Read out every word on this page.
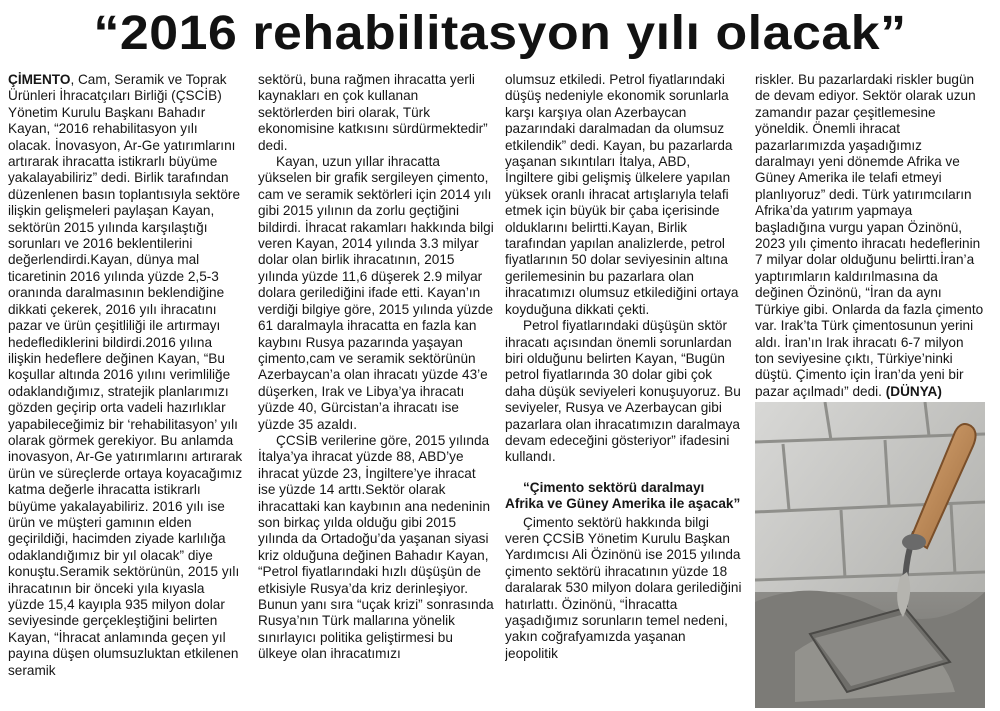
“2016 rehabilitasyon yılı olacak”

ÇİMENTO, Cam, Seramik ve Toprak Ürünleri İhracatçıları Birliği (ÇSCİB) Yönetim Kurulu Başkanı Bahadır Kayan, “2016 rehabilitasyon yılı olacak. İnovasyon, Ar-Ge yatırımlarını artırarak ihracatta istikrarlı büyüme yakalayabiliriz” dedi. Birlik tarafından düzenlenen basın toplantısıyla sektöre ilişkin gelişmeleri paylaşan Kayan, sektörün 2015 yılında karşılaştığı sorunları ve 2016 beklentilerini değerlendirdi.Kayan, dünya mal ticaretinin 2016 yılında yüzde 2,5-3 oranında daralmasının beklendiğine dikkati çekerek, 2016 yılı ihracatını pazar ve ürün çeşitliliği ile artırmayı hedeflediklerini bildirdi.2016 yılına ilişkin hedeflere değinen Kayan, “Bu koşullar altında 2016 yılını verimliliğe odaklandığımız, stratejik planlarımızı gözden geçirip orta vadeli hazırlıklar yapabileceğimiz bir ‘rehabilitasyon’ yılı olarak görmek gerekiyor. Bu anlamda inovasyon, Ar-Ge yatırımlarını artırarak ürün ve süreçlerde ortaya koyacağımız katma değerle ihracatta istikrarlı büyüme yakalayabiliriz. 2016 yılı ise ürün ve müşteri gamının elden geçirildiği, hacimden ziyade karlılığa odaklandığımız bir yıl olacak” diye konuştu.Seramik sektörünün, 2015 yılı ihracatının bir önceki yıla kıyasla yüzde 15,4 kayıpla 935 milyon dolar seviyesinde gerçekleştiğini belirten Kayan, “İhracat anlamında geçen yıl payına düşen olumsuzluktan etkilenen seramik

sektörü, buna rağmen ihracatta yerli kaynakları en çok kullanan sektörlerden biri olarak, Türk ekonomisine katkısını sürdürmektedir” dedi.

Kayan, uzun yıllar ihracatta yükselen bir grafik sergileyen çimento, cam ve seramik sektörleri için 2014 yılı gibi 2015 yılının da zorlu geçtiğini bildirdi. İhracat rakamları hakkında bilgi veren Kayan, 2014 yılında 3.3 milyar dolar olan birlik ihracatının, 2015 yılında yüzde 11,6 düşerek 2.9 milyar dolara gerilediğini ifade etti. Kayan’ın verdiği bilgiye göre, 2015 yılında yüzde 61 daralmayla ihracatta en fazla kan kaybını Rusya pazarında yaşayan çimento,cam ve seramik sektörünün Azerbaycan’a olan ihracatı yüzde 43’e düşerken, Irak ve Libya’ya ihracatı yüzde 40, Gürcistan’a ihracatı ise yüzde 35 azaldı.

ÇCSİB verilerine göre, 2015 yılında İtalya’ya ihracat yüzde 88, ABD’ye ihracat yüzde 23, İngiltere’ye ihracat ise yüzde 14 arttı.Sektör olarak ihracattaki kan kaybının ana nedeninin son birkaç yılda olduğu gibi 2015 yılında da Ortadoğu’da yaşanan siyasi kriz olduğuna değinen Bahadır Kayan, “Petrol fiyatlarındaki hızlı düşüşün de etkisiyle Rusya’da kriz derinleşiyor. Bunun yanı sıra “uçak krizi” sonrasında Rusya’nın Türk mallarına yönelik sınırlayıcı politika geliştirmesi bu ülkeye olan ihracatımızı

olumsuz etkiledi. Petrol fiyatlarındaki düşüş nedeniyle ekonomik sorunlarla karşı karşıya olan Azerbaycan pazarındaki daralmadan da olumsuz etkilendik” dedi. Kayan, bu pazarlarda yaşanan sıkıntıları İtalya, ABD, İngiltere gibi gelişmiş ülkelere yapılan yüksek oranlı ihracat artışlarıyla telafi etmek için büyük bir çaba içerisinde olduklarını belirtti.Kayan, Birlik tarafından yapılan analizlerde, petrol fiyatlarının 50 dolar seviyesinin altına gerilemesinin bu pazarlara olan ihracatımızı olumsuz etkilediğini ortaya koyduğuna dikkati çekti.

Petrol fiyatlarındaki düşüşün sktör ihracatı açısından önemli sorunlardan biri olduğunu belirten Kayan, “Bugün petrol fiyatlarında 30 dolar gibi çok daha düşük seviyeleri konuşuyoruz. Bu seviyeler, Rusya ve Azerbaycan gibi pazarlara olan ihracatımızın daralmaya devam edeceğini gösteriyor” ifadesini kullandı.

“Çimento sektörü daralmayı Afrika ve Güney Amerika ile aşacak”

Çimento sektörü hakkında bilgi veren ÇCSİB Yönetim Kurulu Başkan Yardımcısı Ali Özinönü ise 2015 yılında çimento sektörü ihracatının yüzde 18 daralarak 530 milyon dolara gerilediğini hatırlattı. Özinönü, “İhracatta yaşadığımız sorunların temel nedeni, yakın coğrafyamızda yaşanan jeopolitik

riskler. Bu pazarlardaki riskler bugün de devam ediyor. Sektör olarak uzun zamandır pazar çeşitlemesine yöneldik. Önemli ihracat pazarlarımızda yaşadığımız daralmayı yeni dönemde Afrika ve Güney Amerika ile telafi etmeyi planlıyoruz” dedi. Türk yatırımcıların Afrika’da yatırım yapmaya başladığına vurgu yapan Özinönü, 2023 yılı çimento ihracatı hedeflerinin 7 milyar dolar olduğunu belirtti.İran’a yaptırımların kaldırılmasına da değinen Özinönü, “İran da aynı Türkiye gibi. Onlarda da fazla çimento var. Irak’ta Türk çimentosunun yerini aldı. İran’ın Irak ihracatı 6-7 milyon ton seviyesine çıktı, Türkiye’ninki düştü. Çimento için İran’da yeni bir pazar açılmadı” dedi. (DÜNYA)
